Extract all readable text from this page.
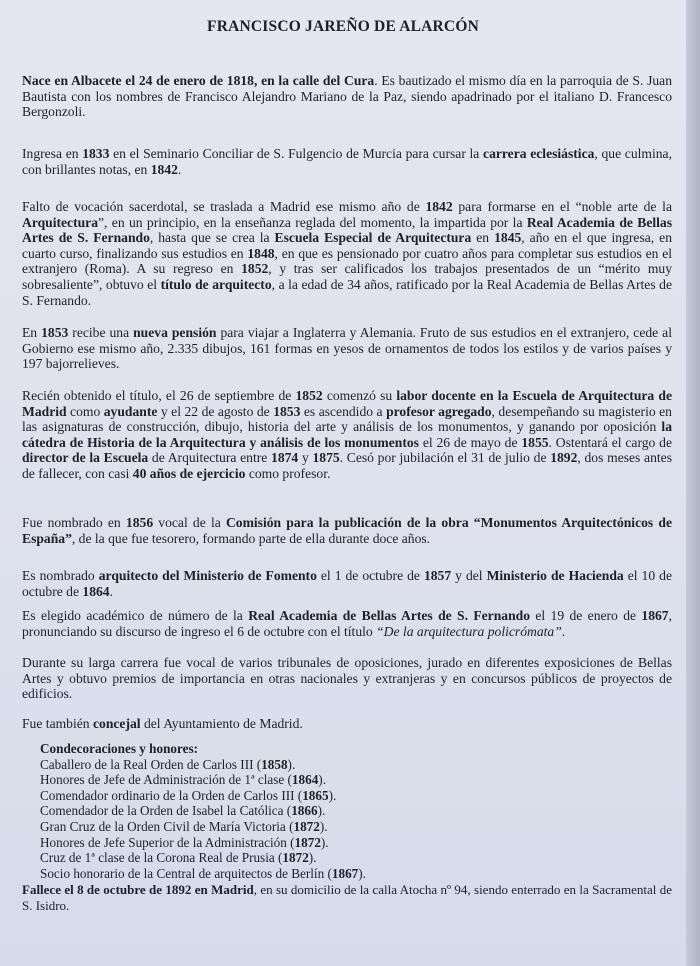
FRANCISCO JAREÑO DE ALARCÓN

Nace en Albacete el 24 de enero de 1818, en la calle del Cura. Es bautizado el mismo día en la parroquia de S. Juan Bautista con los nombres de Francisco Alejandro Mariano de la Paz, siendo apadrinado por el italiano D. Francesco Bergonzoli.

Ingresa en 1833 en el Seminario Conciliar de S. Fulgencio de Murcia para cursar la carrera eclesiástica, que culmina, con brillantes notas, en 1842.

Falto de vocación sacerdotal, se traslada a Madrid ese mismo año de 1842 para formarse en el “noble arte de la Arquitectura”, en un principio, en la enseñanza reglada del momento, la impartida por la Real Academia de Bellas Artes de S. Fernando, hasta que se crea la Escuela Especial de Arquitectura en 1845, año en el que ingresa, en cuarto curso, finalizando sus estudios en 1848, en que es pensionado por cuatro años para completar sus estudios en el extranjero (Roma). A su regreso en 1852, y tras ser calificados los trabajos presentados de un “mérito muy sobresaliente”, obtuvo el título de arquitecto, a la edad de 34 años, ratificado por la Real Academia de Bellas Artes de S. Fernando.

En 1853 recibe una nueva pensión para viajar a Inglaterra y Alemania. Fruto de sus estudios en el extranjero, cede al Gobierno ese mismo año, 2.335 dibujos, 161 formas en yesos de ornamentos de todos los estilos y de varios países y 197 bajorrelieves.

Recién obtenido el título, el 26 de septiembre de 1852 comenzó su labor docente en la Escuela de Arquitectura de Madrid como ayudante y el 22 de agosto de 1853 es ascendido a profesor agregado, desempeñando su magisterio en las asignaturas de construcción, dibujo, historia del arte y análisis de los monumentos, y ganando por oposición la cátedra de Historia de la Arquitectura y análisis de los monumentos el 26 de mayo de 1855. Ostentará el cargo de director de la Escuela de Arquitectura entre 1874 y 1875. Cesó por jubilación el 31 de julio de 1892, dos meses antes de fallecer, con casi 40 años de ejercicio como profesor.

Fue nombrado en 1856 vocal de la Comisión para la publicación de la obra “Monumentos Arquitectónicos de España”, de la que fue tesorero, formando parte de ella durante doce años.

Es nombrado arquitecto del Ministerio de Fomento el 1 de octubre de 1857 y del Ministerio de Hacienda el 10 de octubre de 1864.

Es elegido académico de número de la Real Academia de Bellas Artes de S. Fernando el 19 de enero de 1867, pronunciando su discurso de ingreso el 6 de octubre con el título “De la arquitectura policrómata”.

Durante su larga carrera fue vocal de varios tribunales de oposiciones, jurado en diferentes exposiciones de Bellas Artes y obtuvo premios de importancia en otras nacionales y extranjeras y en concursos públicos de proyectos de edificios.

Fue también concejal del Ayuntamiento de Madrid.

Condecoraciones y honores:
Caballero de la Real Orden de Carlos III (1858).
Honores de Jefe de Administración de 1ª clase (1864).
Comendador ordinario de la Orden de Carlos III (1865).
Comendador de la Orden de Isabel la Católica (1866).
Gran Cruz de la Orden Civil de María Victoria (1872).
Honores de Jefe Superior de la Administración (1872).
Cruz de 1ª clase de la Corona Real de Prusia (1872).
Socio honorario de la Central de arquitectos de Berlín (1867).

Fallece el 8 de octubre de 1892 en Madrid, en su domicilio de la calla Atocha nº 94, siendo enterrado en la Sacramental de S. Isidro.
